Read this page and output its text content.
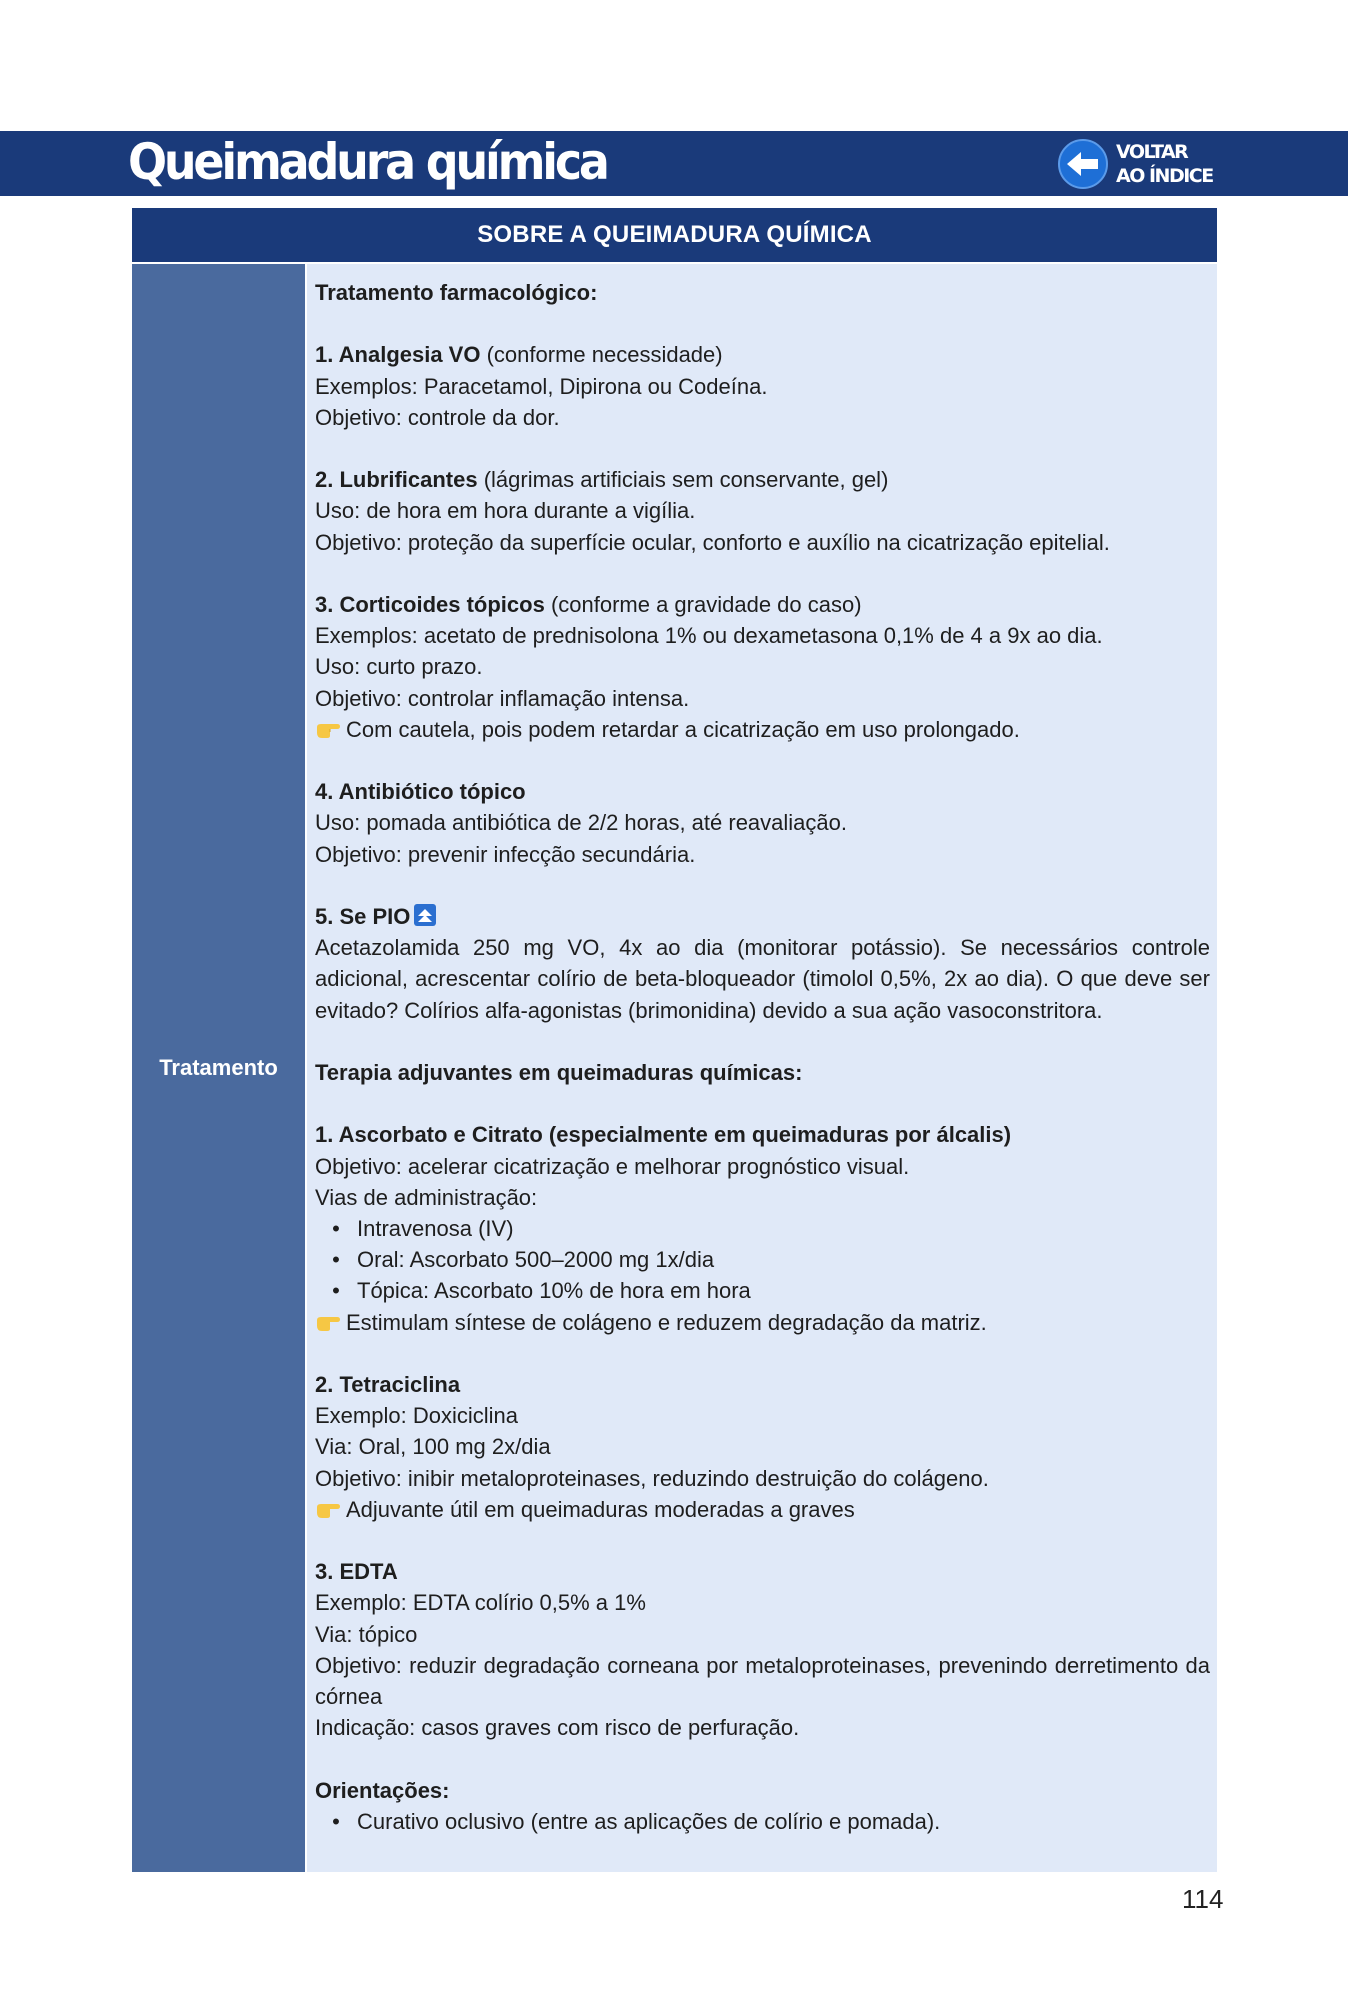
Queimadura química	VOLTAR
AO ÍNDICE
SOBRE A QUEIMADURA QUÍMICA
Tratamento
Tratamento farmacológico:
1. Analgesia VO (conforme necessidade)
Exemplos: Paracetamol, Dipirona ou Codeína.
Objetivo: controle da dor.
2. Lubrificantes (lágrimas artificiais sem conservante, gel)
Uso: de hora em hora durante a vigília.
Objetivo: proteção da superfície ocular, conforto e auxílio na cicatrização epitelial.
3. Corticoides tópicos (conforme a gravidade do caso)
Exemplos: acetato de prednisolona 1% ou dexametasona 0,1% de 4 a 9x ao dia.
Uso: curto prazo.
Objetivo: controlar inflamação intensa.
Com cautela, pois podem retardar a cicatrização em uso prolongado.
4. Antibiótico tópico
Uso: pomada antibiótica de 2/2 horas, até reavaliação.
Objetivo: prevenir infecção secundária.
5. Se PIO
Acetazolamida 250 mg VO, 4x ao dia (monitorar potássio). Se necessários controle adicional, acrescentar colírio de beta-bloqueador (timolol 0,5%, 2x ao dia). O que deve ser evitado? Colírios alfa-agonistas (brimonidina) devido a sua ação vasoconstritora.
Terapia adjuvantes em queimaduras químicas:
1. Ascorbato e Citrato (especialmente em queimaduras por álcalis)
Objetivo: acelerar cicatrização e melhorar prognóstico visual.
Vias de administração:
• Intravenosa (IV)
• Oral: Ascorbato 500–2000 mg 1x/dia
• Tópica: Ascorbato 10% de hora em hora
Estimulam síntese de colágeno e reduzem degradação da matriz.
2. Tetraciclina
Exemplo: Doxiciclina
Via: Oral, 100 mg 2x/dia
Objetivo: inibir metaloproteinases, reduzindo destruição do colágeno.
Adjuvante útil em queimaduras moderadas a graves
3. EDTA
Exemplo: EDTA colírio 0,5% a 1%
Via: tópico
Objetivo: reduzir degradação corneana por metaloproteinases, prevenindo derretimento da córnea
Indicação: casos graves com risco de perfuração.
Orientações:
• Curativo oclusivo (entre as aplicações de colírio e pomada).
114
